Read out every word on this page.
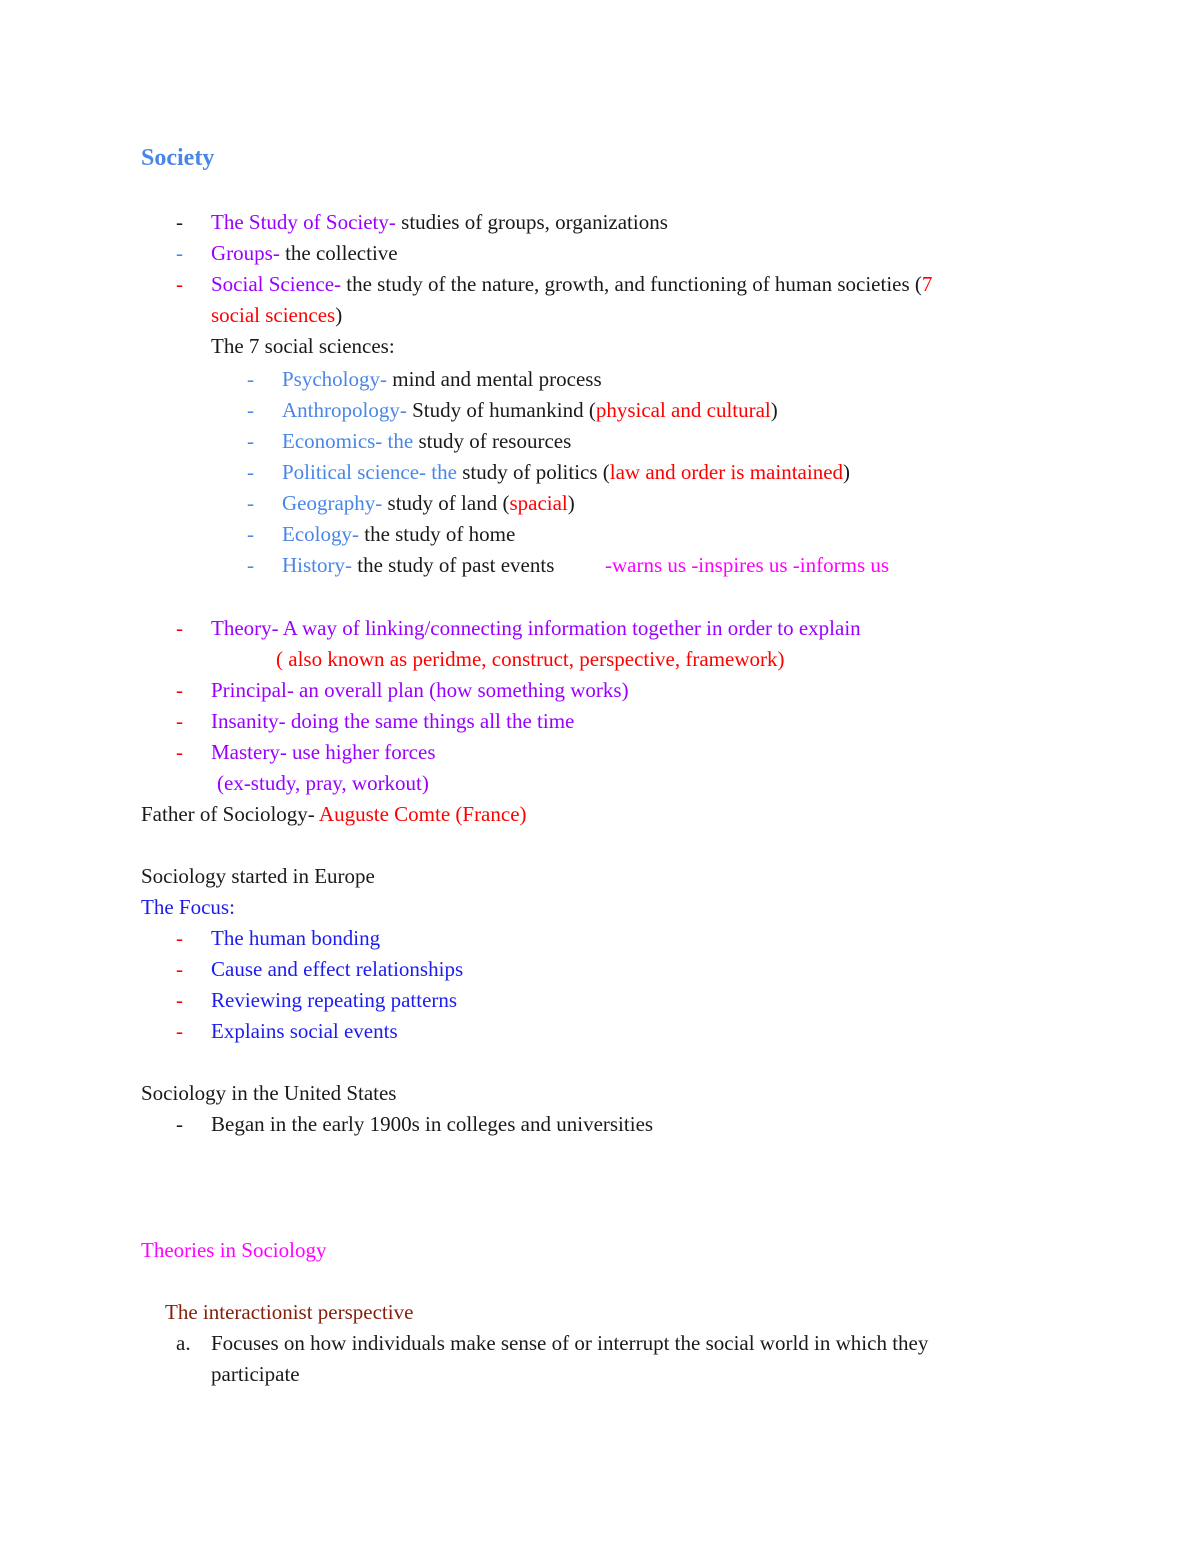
Society
- The Study of Society- studies of groups, organizations
- Groups- the collective
- Social Science- the study of the nature, growth, and functioning of human societies (7
social sciences)
The 7 social sciences:
- Psychology- mind and mental process
- Anthropology- Study of humankind (physical and cultural)
- Economics- the study of resources
- Political science- the study of politics (law and order is maintained)
- Geography- study of land (spacial)
- Ecology- the study of home
- History- the study of past events -warns us -inspires us -informs us
- Theory- A way of linking/connecting information together in order to explain
( also known as peridme, construct, perspective, framework)
- Principal- an overall plan (how something works)
- Insanity- doing the same things all the time
- Mastery- use higher forces
(ex-study, pray, workout)
Father of Sociology- Auguste Comte (France)
Sociology started in Europe
The Focus:
- The human bonding
- Cause and effect relationships
- Reviewing repeating patterns
- Explains social events
Sociology in the United States
- Began in the early 1900s in colleges and universities
Theories in Sociology
The interactionist perspective
a. Focuses on how individuals make sense of or interrupt the social world in which they
participate
